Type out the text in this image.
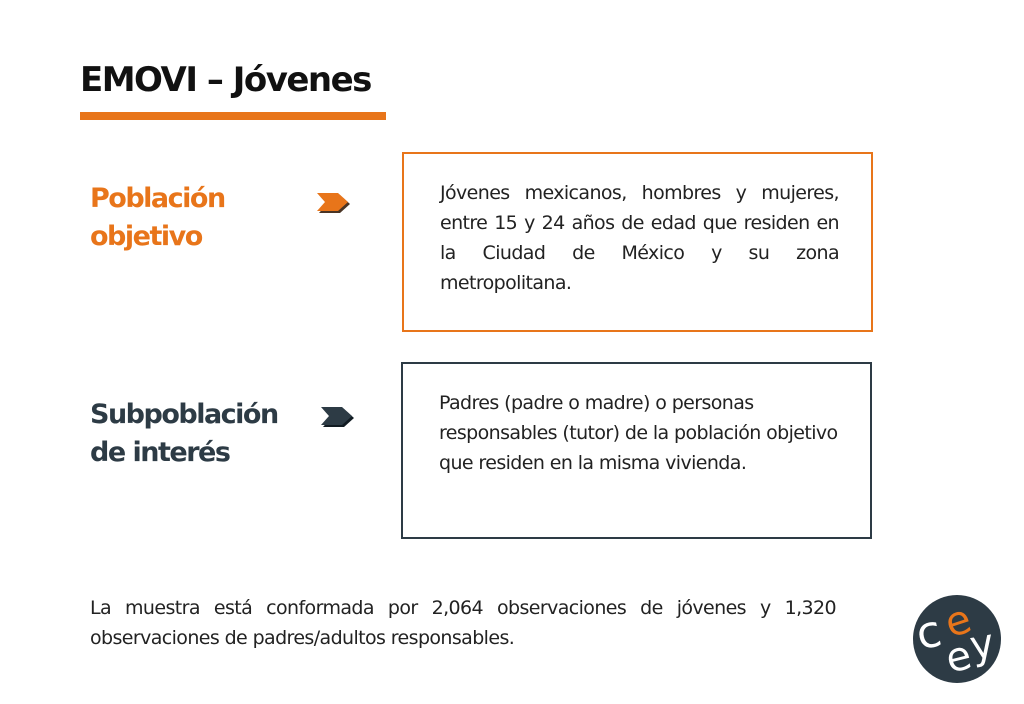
EMOVI – Jóvenes
Población
objetivo
Jóvenes mexicanos, hombres y mujeres, entre 15 y 24 años de edad que residen en la Ciudad de México y su zona metropolitana.
Subpoblación
de interés
Padres (padre o madre) o personas responsables (tutor) de la población objetivo que residen en la misma vivienda.
La muestra está conformada por 2,064 observaciones de jóvenes y 1,320 observaciones de padres/adultos responsables.	c
e
e
y
